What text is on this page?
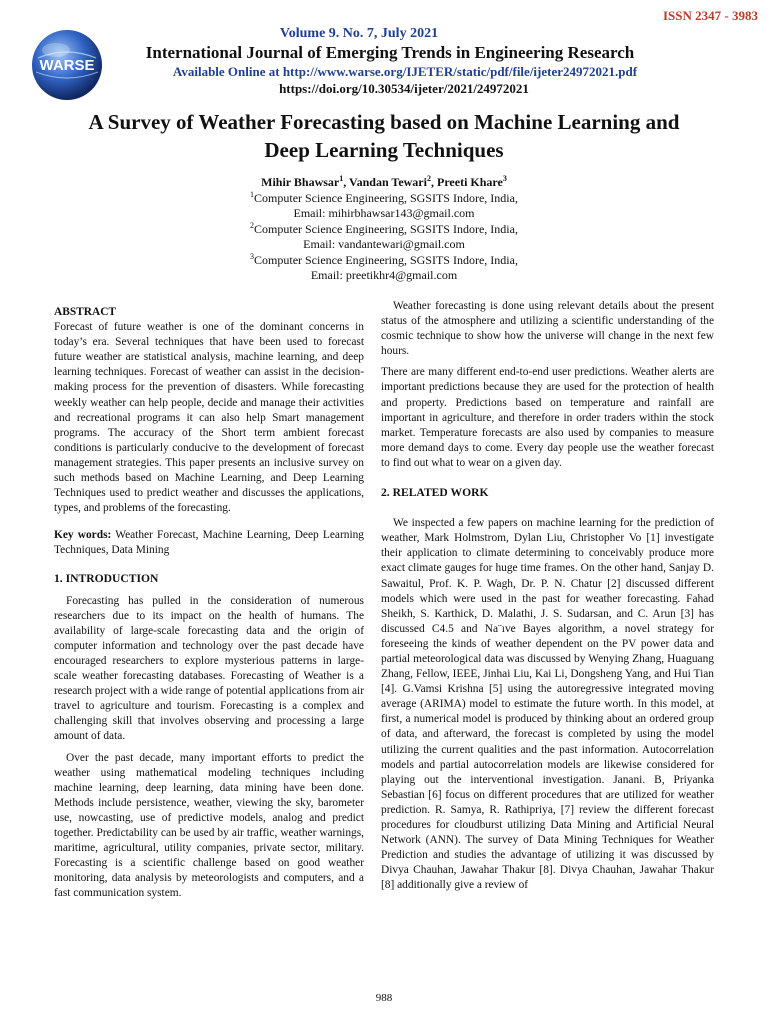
ISSN 2347 - 3983
WARSE
Volume 9. No. 7, July 2021
International Journal of Emerging Trends in Engineering Research
Available Online at http://www.warse.org/IJETER/static/pdf/file/ijeter24972021.pdf
https://doi.org/10.30534/ijeter/2021/24972021
A Survey of Weather Forecasting based on Machine Learning and
Deep Learning Techniques
Mihir Bhawsar$^1$, Vandan Tewari$^2$, Preeti Khare$^3$
$^1$Computer Science Engineering, SGSITS Indore, India,
Email: mihirbhawsar143@gmail.com
$^2$Computer Science Engineering, SGSITS Indore, India,
Email: vandantewari@gmail.com
$^3$Computer Science Engineering, SGSITS Indore, India,
Email: preetikhr4@gmail.com
ABSTRACT

Forecast of future weather is one of the dominant concerns in today’s era. Several techniques that have been used to forecast future weather are statistical analysis, machine learning, and deep learning techniques. Forecast of weather can assist in the decision-making process for the prevention of disasters. While forecasting weekly weather can help people, decide and manage their activities and recreational programs it can also help Smart management programs. The accuracy of the Short term ambient forecast conditions is particularly conducive to the development of forecast management strategies. This paper presents an inclusive survey on such methods based on Machine Learning, and Deep Learning Techniques used to predict weather and discusses the applications, types, and problems of the forecasting.

Key words: Weather Forecast, Machine Learning, Deep Learning Techniques, Data Mining

1. INTRODUCTION

Forecasting has pulled in the consideration of numerous researchers due to its impact on the health of humans. The availability of large-scale forecasting data and the origin of computer information and technology over the past decade have encouraged researchers to explore mysterious patterns in large-scale weather forecasting databases. Forecasting of Weather is a research project with a wide range of potential applications from air travel to agriculture and tourism. Forecasting is a complex and challenging skill that involves observing and processing a large amount of data.

Over the past decade, many important efforts to predict the weather using mathematical modeling techniques including machine learning, deep learning, data mining have been done. Methods include persistence, weather, viewing the sky, barometer use, nowcasting, use of predictive models, analog and predict together. Predictability can be used by air traffic, weather warnings, maritime, agricultural, utility companies, private sector, military. Forecasting is a scientific challenge based on good weather monitoring, data analysis by meteorologists and computers, and a fast communication system.

Weather forecasting is done using relevant details about the present status of the atmosphere and utilizing a scientific understanding of the cosmic technique to show how the universe will change in the next few hours.

There are many different end-to-end user predictions. Weather alerts are important predictions because they are used for the protection of health and property. Predictions based on temperature and rainfall are important in agriculture, and therefore in order traders within the stock market. Temperature forecasts are also used by companies to measure more demand days to come. Every day people use the weather forecast to find out what to wear on a given day.

2. RELATED WORK

We inspected a few papers on machine learning for the prediction of weather, Mark Holmstrom, Dylan Liu, Christopher Vo [1] investigate their application to climate determining to conceivably produce more exact climate gauges for huge time frames. On the other hand, Sanjay D. Sawaitul, Prof. K. P. Wagh, Dr. P. N. Chatur [2] discussed different models which were used in the past for weather forecasting. Fahad Sheikh, S. Karthick, D. Malathi, J. S. Sudarsan, and C. Arun [3] has discussed C4.5 and Na¨ıve Bayes algorithm, a novel strategy for foreseeing the kinds of weather dependent on the PV power data and partial meteorological data was discussed by Wenying Zhang, Huaguang Zhang, Fellow, IEEE, Jinhai Liu, Kai Li, Dongsheng Yang, and Hui Tian [4]. G.Vamsi Krishna [5] using the autoregressive integrated moving average (ARIMA) model to estimate the future worth. In this model, at first, a numerical model is produced by thinking about an ordered group of data, and afterward, the forecast is completed by using the model utilizing the current qualities and the past information. Autocorrelation models and partial autocorrelation models are likewise considered for playing out the interventional investigation. Janani. B, Priyanka Sebastian [6] focus on different procedures that are utilized for weather prediction. R. Samya, R. Rathipriya, [7] review the different forecast procedures for cloudburst utilizing Data Mining and Artificial Neural Network (ANN). The survey of Data Mining Techniques for Weather Prediction and studies the advantage of utilizing it was discussed by Divya Chauhan, Jawahar Thakur [8]. Divya Chauhan, Jawahar Thakur [8] additionally give a review of

988
